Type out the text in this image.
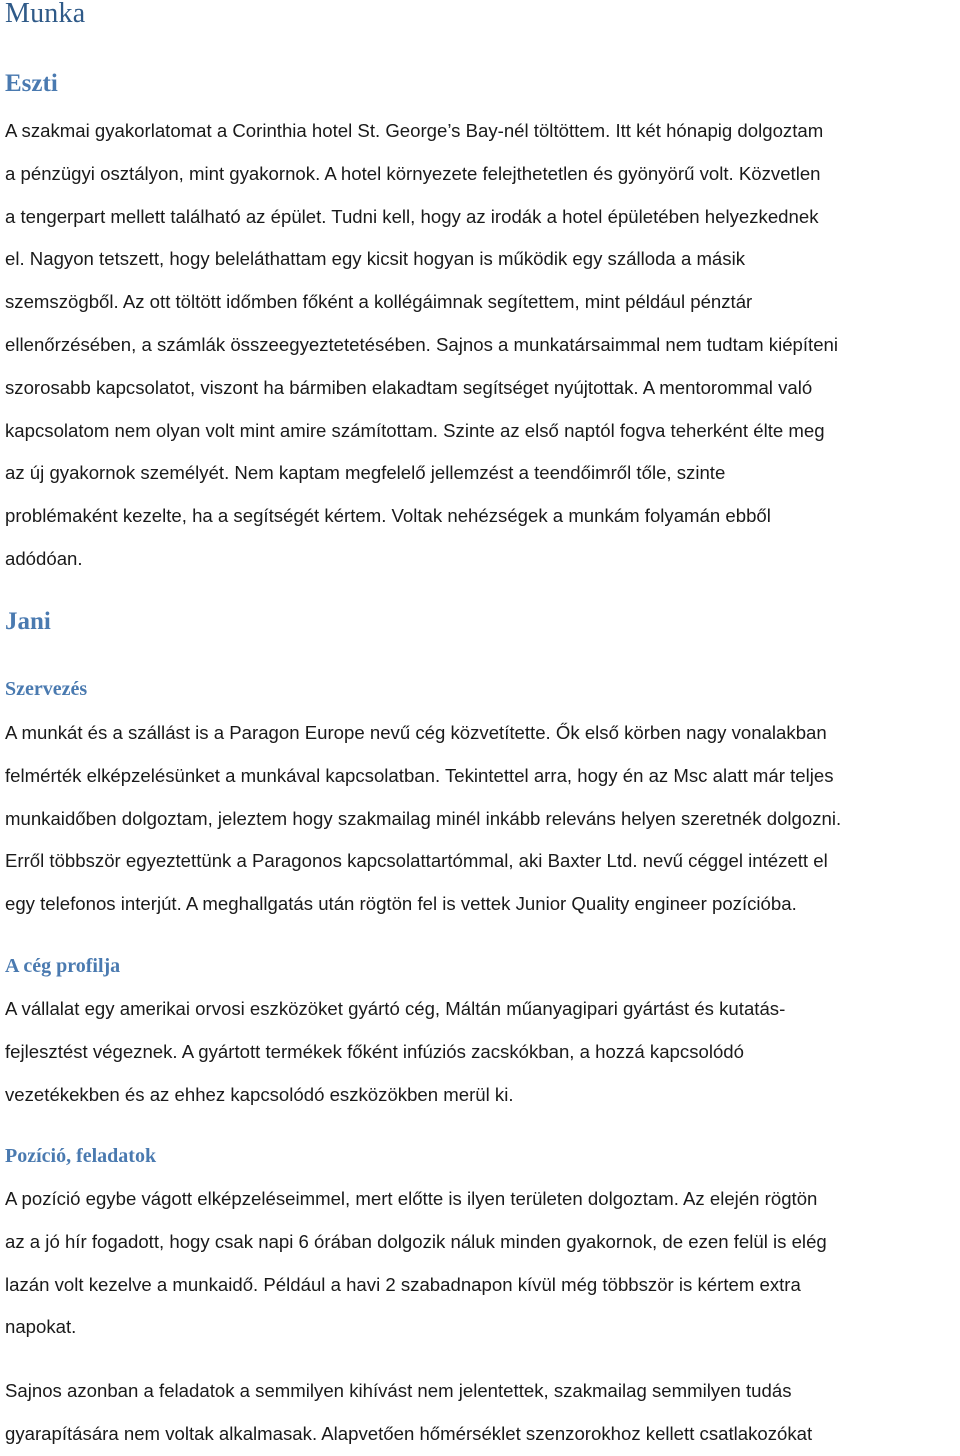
Munka
Eszti
A szakmai gyakorlatomat a Corinthia hotel St. George’s Bay-nél töltöttem. Itt két hónapig dolgoztam
a pénzügyi osztályon, mint gyakornok. A hotel környezete felejthetetlen és gyönyörű volt. Közvetlen
a tengerpart mellett található az épület. Tudni kell, hogy az irodák a hotel épületében helyezkednek
el. Nagyon tetszett, hogy beleláthattam egy kicsit hogyan is működik egy szálloda a másik
szemszögből. Az ott töltött időmben főként a kollégáimnak segítettem, mint például pénztár
ellenőrzésében, a számlák összeegyeztetetésében. Sajnos a munkatársaimmal nem tudtam kiépíteni
szorosabb kapcsolatot, viszont ha bármiben elakadtam segítséget nyújtottak. A mentorommal való
kapcsolatom nem olyan volt mint amire számítottam. Szinte az első naptól fogva teherként élte meg
az új gyakornok személyét. Nem kaptam megfelelő jellemzést a teendőimről tőle, szinte
problémaként kezelte, ha a segítségét kértem. Voltak nehézségek a munkám folyamán ebből
adódóan.
Jani
Szervezés
A munkát és a szállást is a Paragon Europe nevű cég közvetítette. Ők első körben nagy vonalakban
felmérték elképzelésünket a munkával kapcsolatban. Tekintettel arra, hogy én az Msc alatt már teljes
munkaidőben dolgoztam, jeleztem hogy szakmailag minél inkább releváns helyen szeretnék dolgozni.
Erről többször egyeztettünk a Paragonos kapcsolattartómmal, aki Baxter Ltd. nevű céggel intézett el
egy telefonos interjút. A meghallgatás után rögtön fel is vettek Junior Quality engineer pozícióba.
A cég profilja
A vállalat egy amerikai orvosi eszközöket gyártó cég, Máltán műanyagipari gyártást és kutatás-
fejlesztést végeznek. A gyártott termékek főként infúziós zacskókban, a hozzá kapcsolódó
vezetékekben és az ehhez kapcsolódó eszközökben merül ki.
Pozíció, feladatok
A pozíció egybe vágott elképzeléseimmel, mert előtte is ilyen területen dolgoztam. Az elején rögtön
az a jó hír fogadott, hogy csak napi 6 órában dolgozik náluk minden gyakornok, de ezen felül is elég
lazán volt kezelve a munkaidő. Például a havi 2 szabadnapon kívül még többször is kértem extra
napokat.
Sajnos azonban a feladatok a semmilyen kihívást nem jelentettek, szakmailag semmilyen tudás
gyarapítására nem voltak alkalmasak. Alapvetően hőmérséklet szenzorokhoz kellett csatlakozókat
